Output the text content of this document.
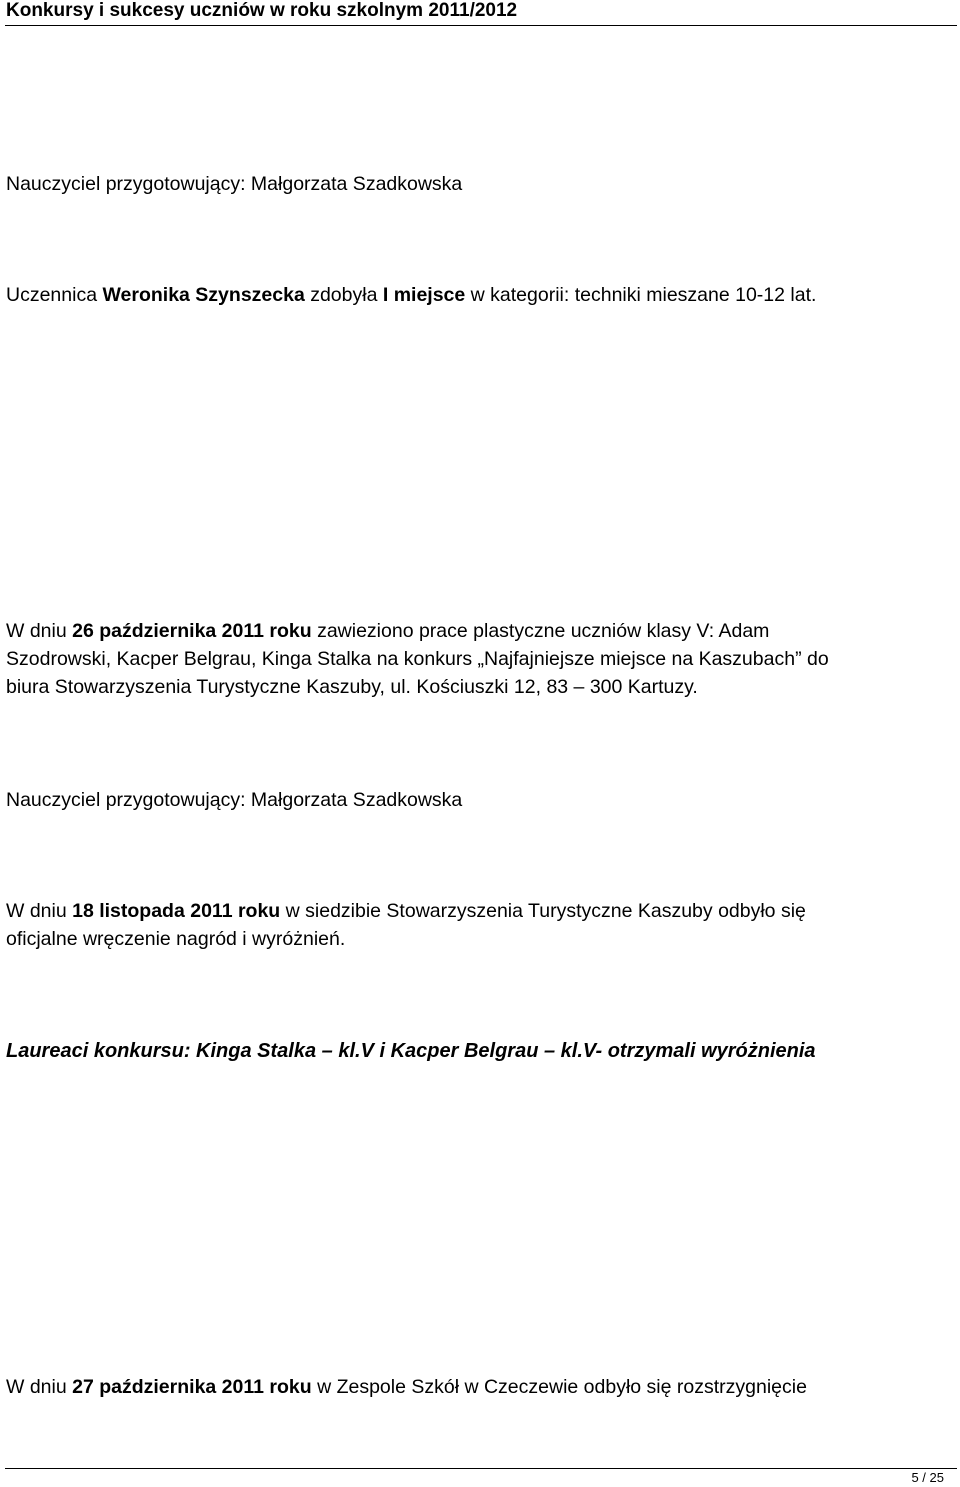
Konkursy i sukcesy uczniów w roku szkolnym 2011/2012
Nauczyciel przygotowujący: Małgorzata Szadkowska
Uczennica Weronika Szynszecka zdobyła I miejsce w kategorii: techniki mieszane 10-12 lat.
W dniu 26 października 2011 roku zawieziono prace plastyczne uczniów klasy V: Adam
Szodrowski, Kacper Belgrau, Kinga Stalka na konkurs „Najfajniejsze miejsce na Kaszubach” do
biura Stowarzyszenia Turystyczne Kaszuby, ul. Kościuszki 12, 83 – 300 Kartuzy.
Nauczyciel przygotowujący: Małgorzata Szadkowska
W dniu 18 listopada 2011 roku w siedzibie Stowarzyszenia Turystyczne Kaszuby odbyło się
oficjalne wręczenie nagród i wyróżnień.
Laureaci konkursu: Kinga Stalka – kl.V i Kacper Belgrau – kl.V- otrzymali wyróżnienia
W dniu 27 października 2011 roku w Zespole Szkół w Czeczewie odbyło się rozstrzygnięcie
5 / 25
